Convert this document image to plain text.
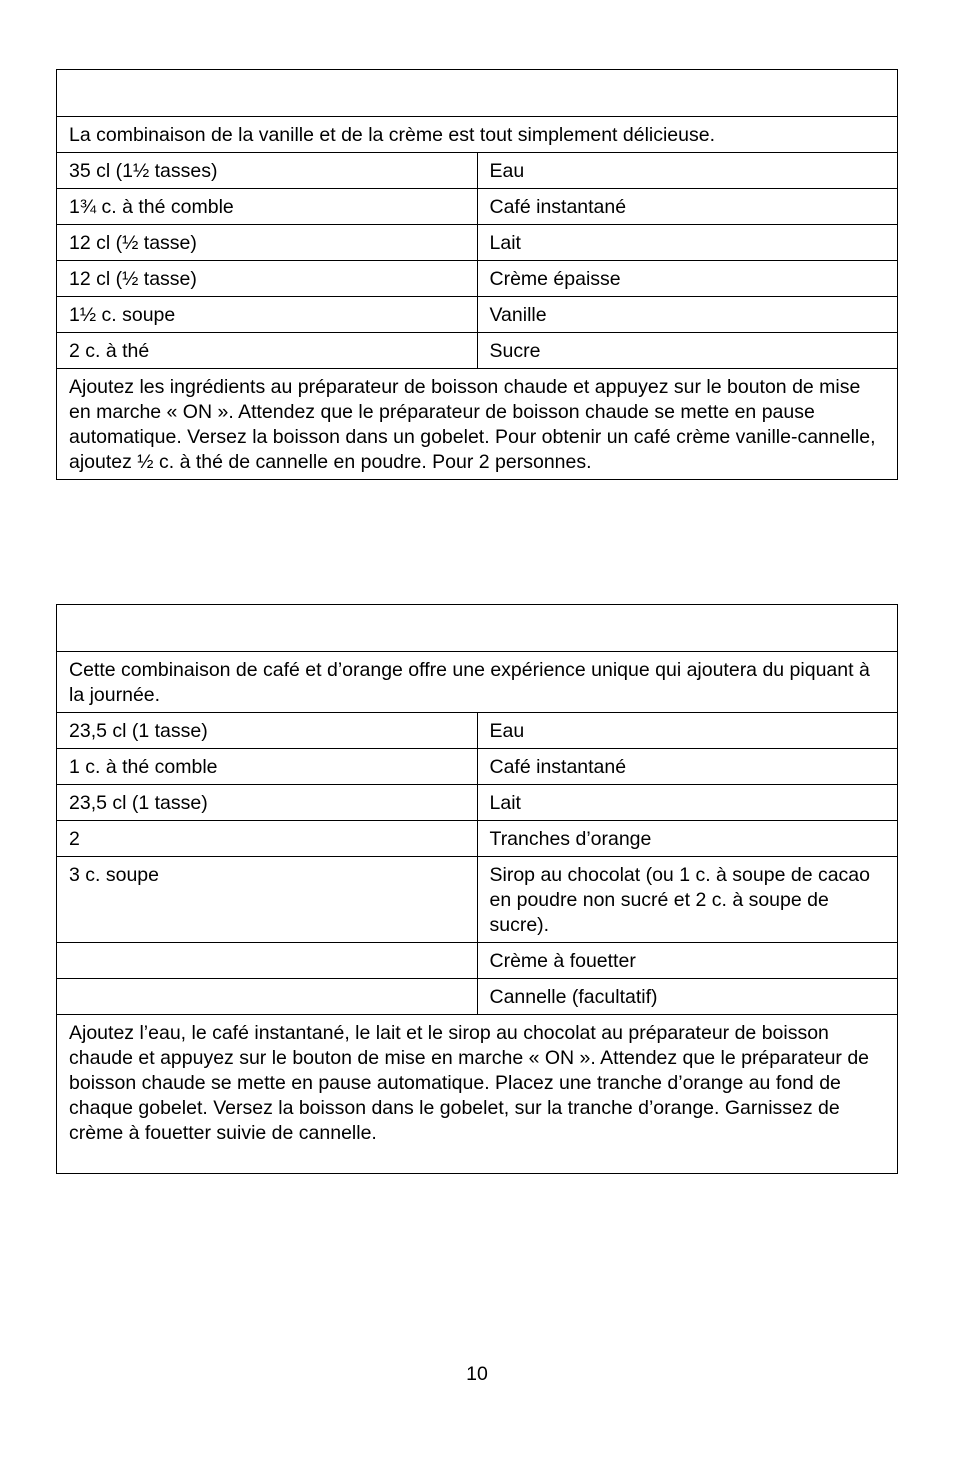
La combinaison de la vanille et de la crème est tout simplement délicieuse.	
35 cl (1½ tasses)	Eau
1¾ c. à thé comble	Café instantané
12 cl (½ tasse)	Lait
12 cl (½ tasse)	Crème épaisse
1½ c. soupe	Vanille
2 c. à thé	Sucre
Ajoutez les ingrédients au préparateur de boisson chaude et appuyez sur le bouton de mise en marche « ON ». Attendez que le préparateur de boisson chaude se mette en pause automatique. Versez la boisson dans un gobelet. Pour obtenir un café crème vanille-cannelle, ajoutez ½ c. à thé de cannelle en poudre. Pour 2 personnes.	

Cette combinaison de café et d’orange offre une expérience unique qui ajoutera du piquant à la journée.	
23,5 cl (1 tasse)	Eau
1 c. à thé comble	Café instantané
23,5 cl (1 tasse)	Lait
2	Tranches d’orange
3 c. soupe	Sirop au chocolat (ou 1 c. à soupe de cacao en poudre non sucré et 2 c. à soupe de sucre).
	Crème à fouetter
	Cannelle (facultatif)
Ajoutez l’eau, le café instantané, le lait et le sirop au chocolat au préparateur de boisson chaude et appuyez sur le bouton de mise en marche « ON ». Attendez que le préparateur de boisson chaude se mette en pause automatique. Placez une tranche d’orange au fond de chaque gobelet. Versez la boisson dans le gobelet, sur la tranche d’orange. Garnissez de crème à fouetter suivie de cannelle.	
10
